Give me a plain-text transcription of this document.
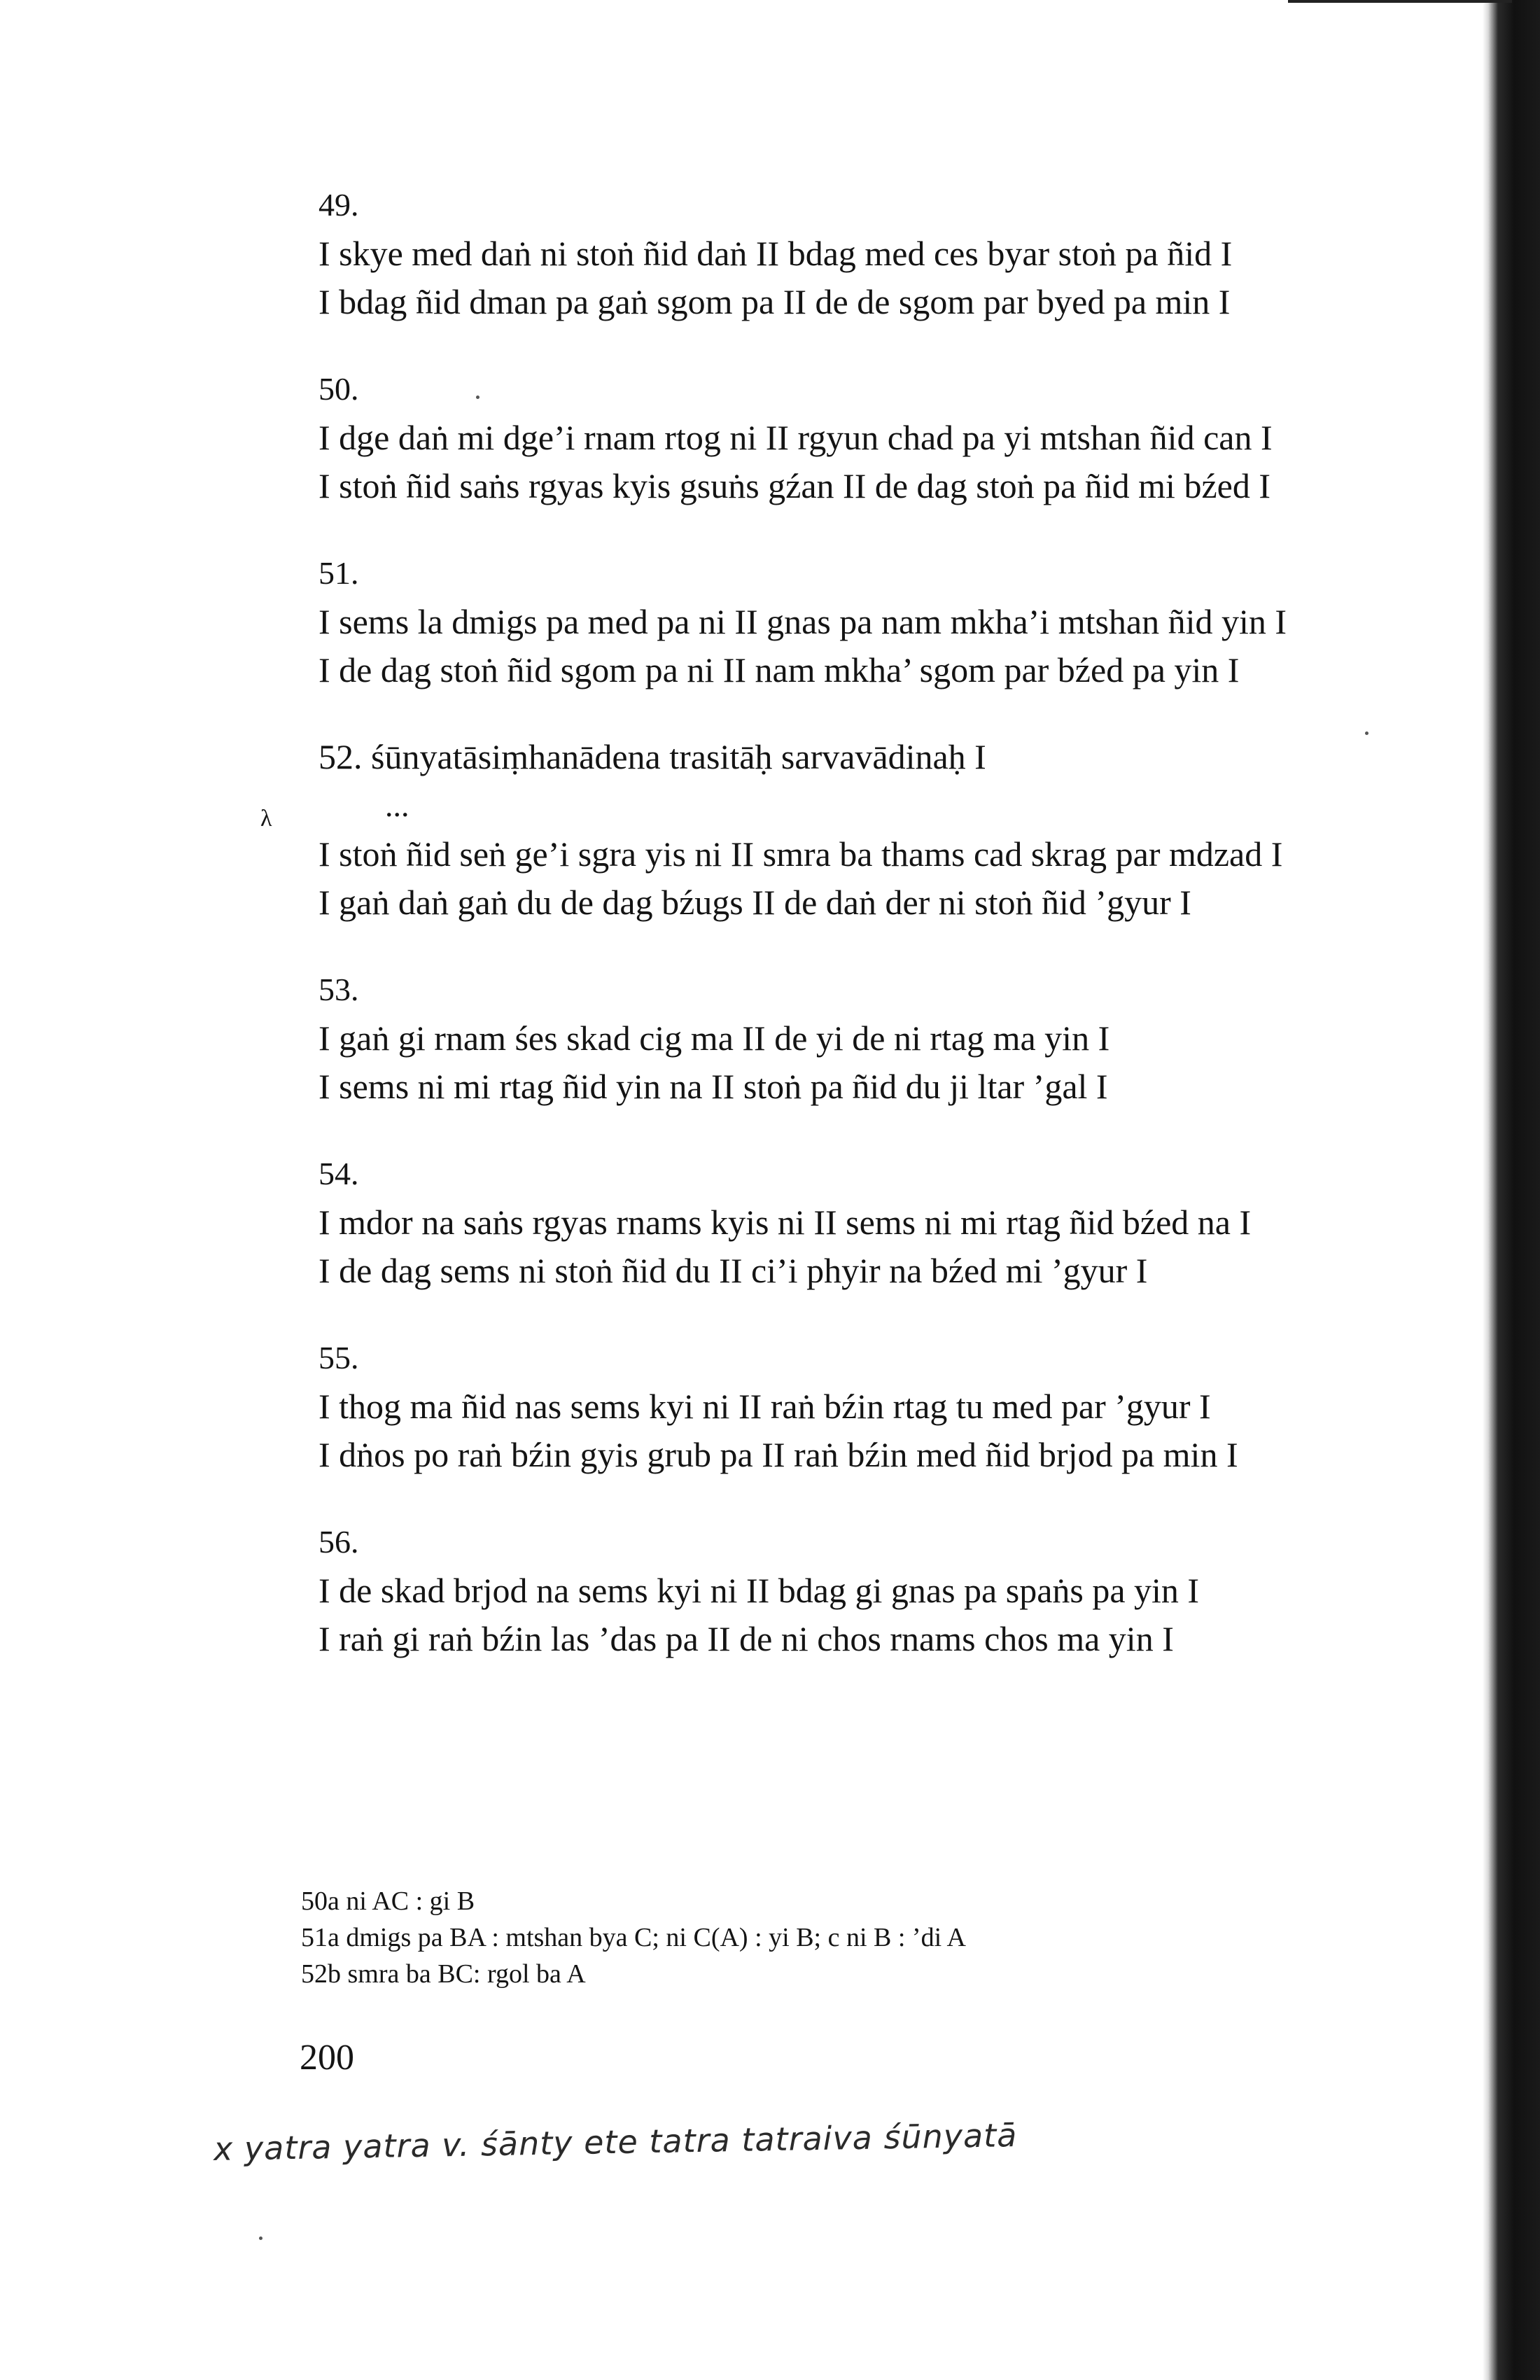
49.
I skye med daṅ ni stoṅ ñid daṅ II bdag med ces byar stoṅ pa ñid I
I bdag ñid dman pa gaṅ sgom pa II de de sgom par byed pa min I
50.
I dge daṅ mi dge’i rnam rtog ni II rgyun chad pa yi mtshan ñid can I
I stoṅ ñid saṅs rgyas kyis gsuṅs gźan II de dag stoṅ pa ñid mi bźed I
51.
I sems la dmigs pa med pa ni II gnas pa nam mkha’i mtshan ñid yin I
I de dag stoṅ ñid sgom pa ni II nam mkha’ sgom par bźed pa yin I
52. śūnyatāsiṃhanādena trasitāḥ sarvavādinaḥ I
...
I stoṅ ñid seṅ ge’i sgra yis ni II smra ba thams cad skrag par mdzad I
I gaṅ daṅ gaṅ du de dag bźugs II de daṅ der ni stoṅ ñid ’gyur I
53.
I gaṅ gi rnam śes skad cig ma II de yi de ni rtag ma yin I
I sems ni mi rtag ñid yin na II stoṅ pa ñid du ji ltar ’gal I
54.
I mdor na saṅs rgyas rnams kyis ni II sems ni mi rtag ñid bźed na I
I de dag sems ni stoṅ ñid du II ci’i phyir na bźed mi ’gyur I
55.
I thog ma ñid nas sems kyi ni II raṅ bźin rtag tu med par ’gyur I
I dṅos po raṅ bźin gyis grub pa II raṅ bźin med ñid brjod pa min I
56.
I de skad brjod na sems kyi ni II bdag gi gnas pa spaṅs pa yin I
I raṅ gi raṅ bźin las ’das pa II de ni chos rnams chos ma yin I
λ
50a ni AC : gi B
51a dmigs pa BA : mtshan bya C; ni C(A) : yi B; c ni B : ’di A
52b smra ba BC: rgol ba A
200
x yatra yatra v. śānty ete tatra tatraiva śūnyatā
